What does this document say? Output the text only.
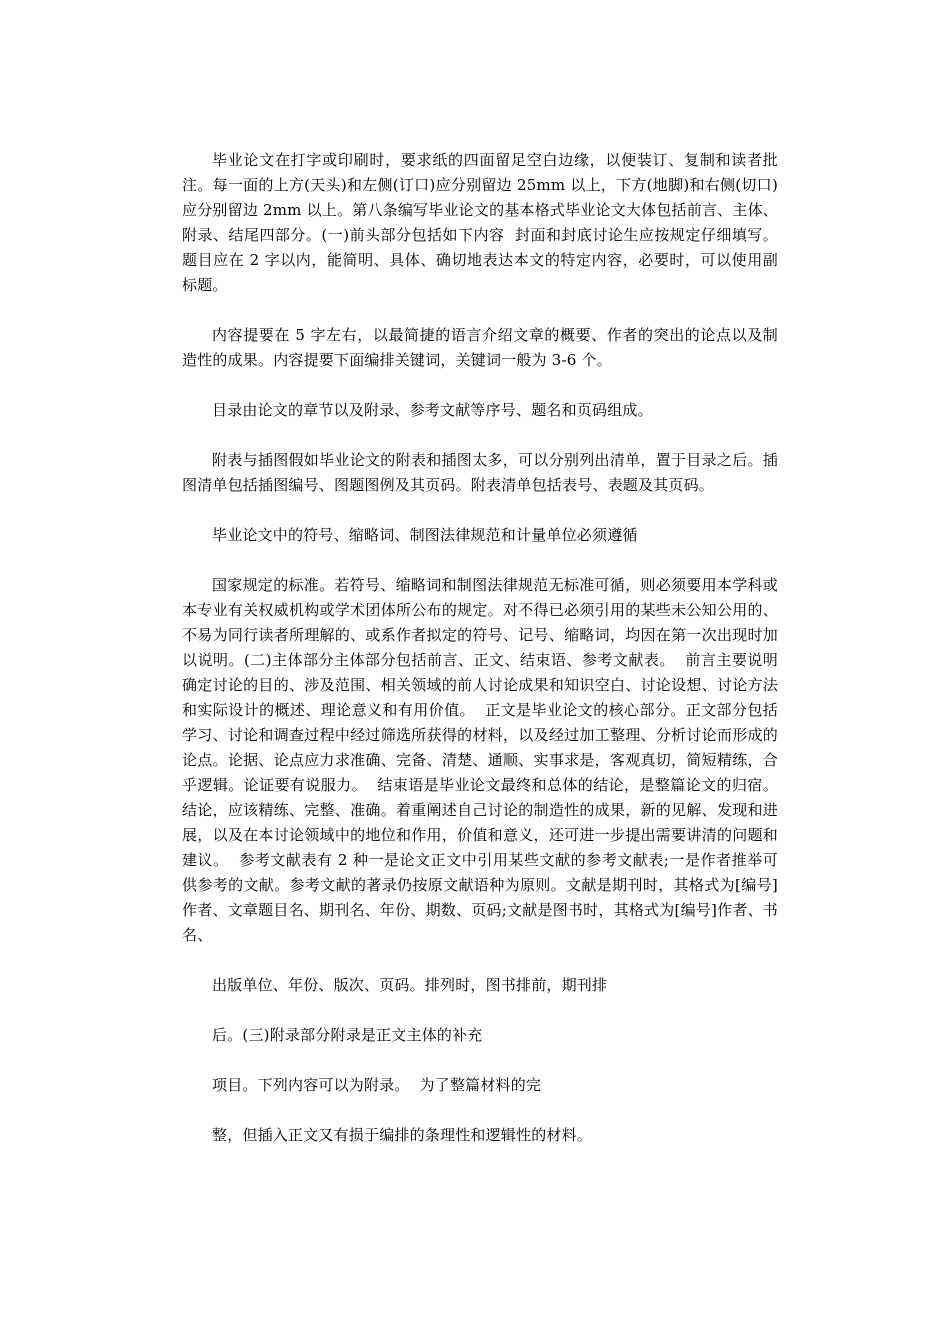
毕业论文在打字或印刷时，要求纸的四面留足空白边缘，以便装订、复制和读者批注。每一面的上方(天头)和左侧(订口)应分别留边 25mm 以上，下方(地脚)和右侧(切口)应分别留边 2mm 以上。第八条编写毕业论文的基本格式毕业论文大体包括前言、主体、附录、结尾四部分。(一)前头部分包括如下内容  封面和封底讨论生应按规定仔细填写。  题目应在 2 字以内，能简明、具体、确切地表达本文的特定内容，必要时，可以使用副标题。

内容提要在 5 字左右，以最简捷的语言介绍文章的概要、作者的突出的论点以及制造性的成果。内容提要下面编排关键词，关键词一般为 3-6 个。

目录由论文的章节以及附录、参考文献等序号、题名和页码组成。

附表与插图假如毕业论文的附表和插图太多，可以分别列出清单，置于目录之后。插图清单包括插图编号、图题图例及其页码。附表清单包括表号、表题及其页码。

毕业论文中的符号、缩略词、制图法律规范和计量单位必须遵循

国家规定的标准。若符号、缩略词和制图法律规范无标准可循，则必须要用本学科或本专业有关权威机构或学术团体所公布的规定。对不得已必须引用的某些未公知公用的、不易为同行读者所理解的、或系作者拟定的符号、记号、缩略词，均因在第一次出现时加以说明。(二)主体部分主体部分包括前言、正文、结束语、参考文献表。  前言主要说明确定讨论的目的、涉及范围、相关领域的前人讨论成果和知识空白、讨论设想、讨论方法和实际设计的概述、理论意义和有用价值。  正文是毕业论文的核心部分。正文部分包括学习、讨论和调查过程中经过筛选所获得的材料，以及经过加工整理、分析讨论而形成的论点。论据、论点应力求准确、完备、清楚、通顺、实事求是，客观真切，简短精练，合乎逻辑。论证要有说服力。  结束语是毕业论文最终和总体的结论，是整篇论文的归宿。结论，应该精练、完整、准确。着重阐述自己讨论的制造性的成果，新的见解、发现和进展，以及在本讨论领域中的地位和作用，价值和意义，还可进一步提出需要讲清的问题和建议。  参考文献表有 2 种一是论文正文中引用某些文献的参考文献表;一是作者推举可供参考的文献。参考文献的著录仍按原文献语种为原则。文献是期刊时，其格式为[编号]作者、文章题目名、期刊名、年份、期数、页码;文献是图书时，其格式为[编号]作者、书名、

出版单位、年份、版次、页码。排列时，图书排前，期刊排

后。(三)附录部分附录是正文主体的补充

项目。下列内容可以为附录。  为了整篇材料的完

整，但插入正文又有损于编排的条理性和逻辑性的材料。
